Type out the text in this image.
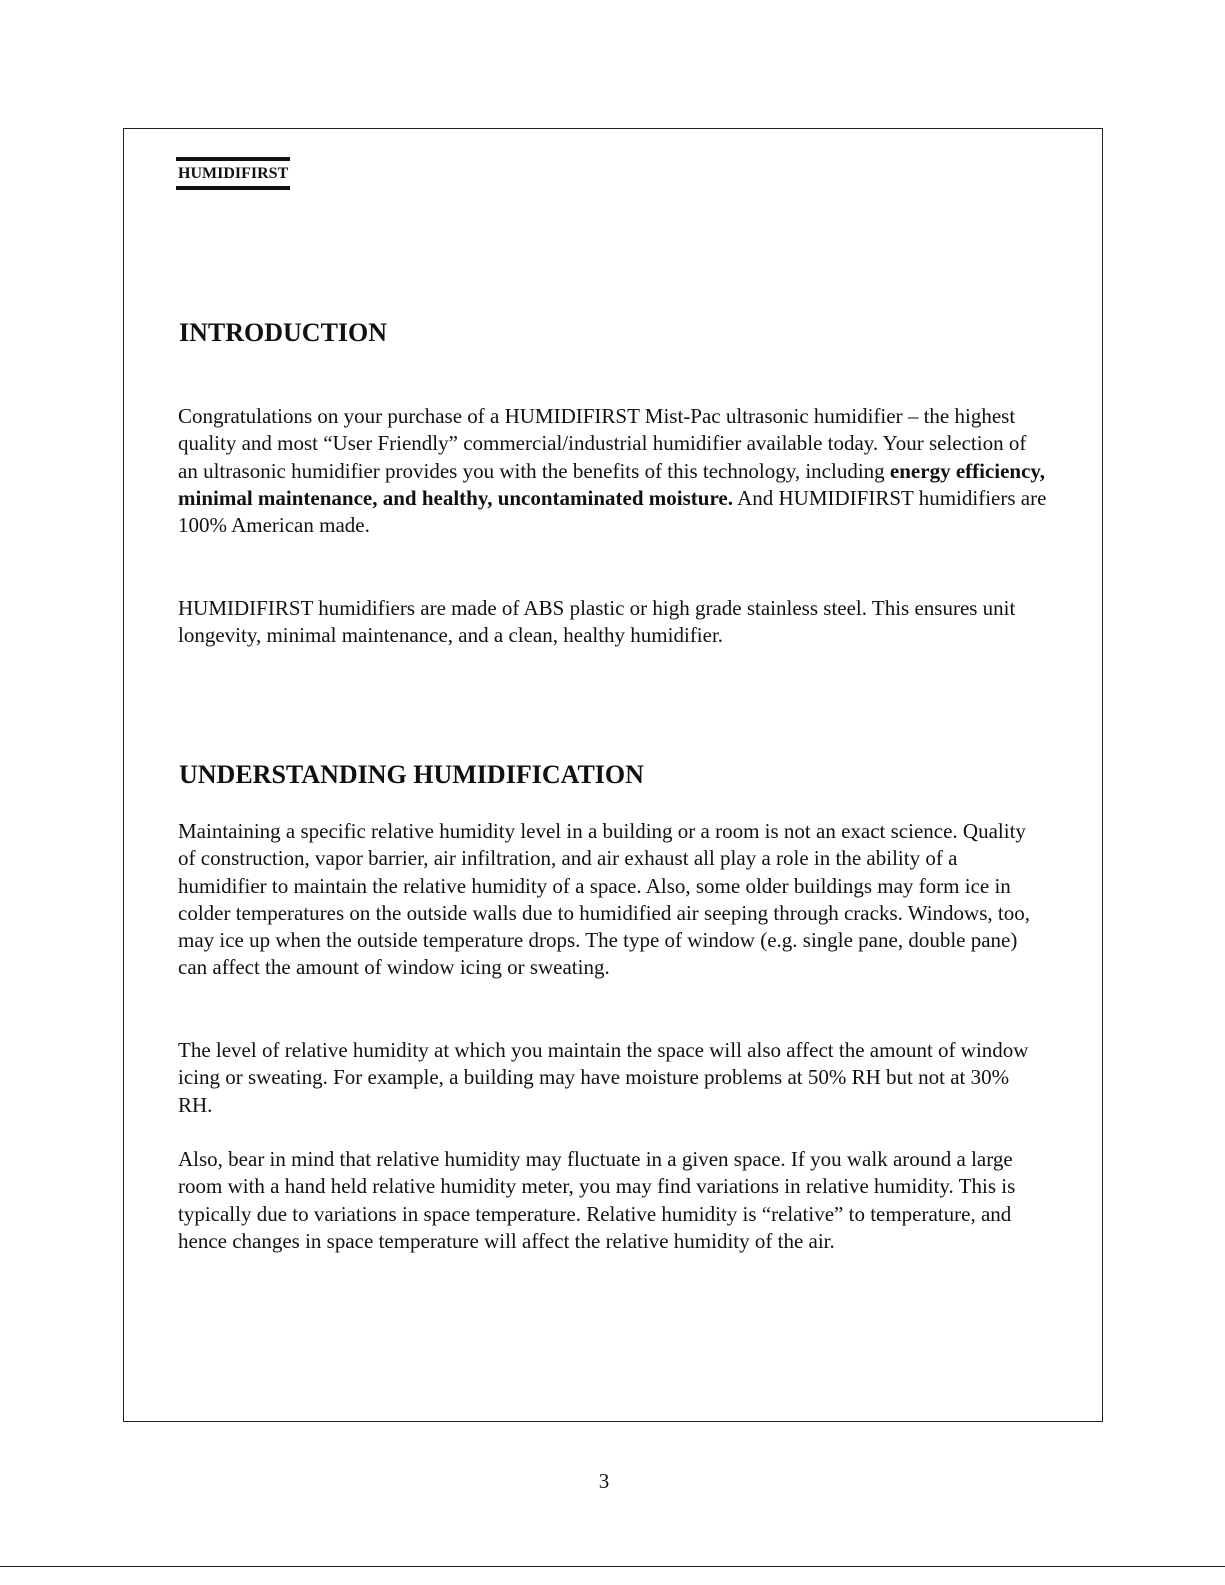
HUMIDIFIRST
INTRODUCTION

Congratulations on your purchase of a HUMIDIFIRST Mist-Pac ultrasonic humidifier – the highest quality and most “User Friendly” commercial/industrial humidifier available today. Your selection of an ultrasonic humidifier provides you with the benefits of this technology, including energy efficiency, minimal maintenance, and healthy, uncontaminated moisture. And HUMIDIFIRST humidifiers are 100% American made.

HUMIDIFIRST humidifiers are made of ABS plastic or high grade stainless steel. This ensures unit longevity, minimal maintenance, and a clean, healthy humidifier.

UNDERSTANDING HUMIDIFICATION

Maintaining a specific relative humidity level in a building or a room is not an exact science. Quality of construction, vapor barrier, air infiltration, and air exhaust all play a role in the ability of a humidifier to maintain the relative humidity of a space. Also, some older buildings may form ice in colder temperatures on the outside walls due to humidified air seeping through cracks. Windows, too, may ice up when the outside temperature drops. The type of window (e.g. single pane, double pane) can affect the amount of window icing or sweating.

The level of relative humidity at which you maintain the space will also affect the amount of window icing or sweating. For example, a building may have moisture problems at 50% RH but not at 30% RH.

Also, bear in mind that relative humidity may fluctuate in a given space. If you walk around a large room with a hand held relative humidity meter, you may find variations in relative humidity. This is typically due to variations in space temperature. Relative humidity is “relative” to temperature, and hence changes in space temperature will affect the relative humidity of the air.

3
